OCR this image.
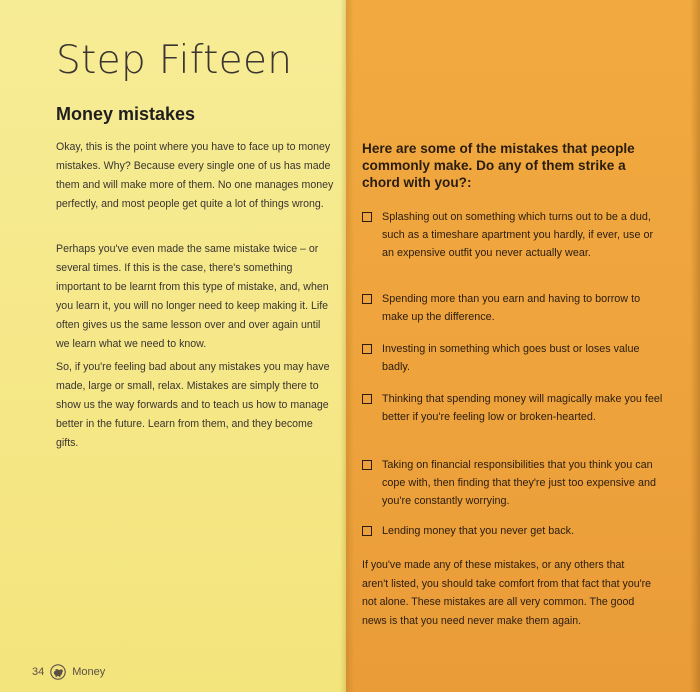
Step Fifteen
Money mistakes

Okay, this is the point where you have to face up to money mistakes. Why? Because every single one of us has made them and will make more of them. No one manages money perfectly, and most people get quite a lot of things wrong.

Perhaps you've even made the same mistake twice – or several times. If this is the case, there's something important to be learnt from this type of mistake, and, when you learn it, you will no longer need to keep making it. Life often gives us the same lesson over and over again until we learn what we need to know.

So, if you're feeling bad about any mistakes you may have made, large or small, relax. Mistakes are simply there to show us the way forwards and to teach us how to manage better in the future. Learn from them, and they become gifts.

Here are some of the mistakes that people commonly make. Do any of them strike a chord with you?:
Splashing out on something which turns out to be a dud, such as a timeshare apartment you hardly, if ever, use or an expensive outfit you never actually wear.
Spending more than you earn and having to borrow to make up the difference.
Investing in something which goes bust or loses value badly.
Thinking that spending money will magically make you feel better if you're feeling low or broken-hearted.
Taking on financial responsibilities that you think you can cope with, then finding that they're just too expensive and you're constantly worrying.
Lending money that you never get back.

If you've made any of these mistakes, or any others that aren't listed, you should take comfort from that fact that you're not alone. These mistakes are all very common. The good news is that you need never make them again.

34	Money
